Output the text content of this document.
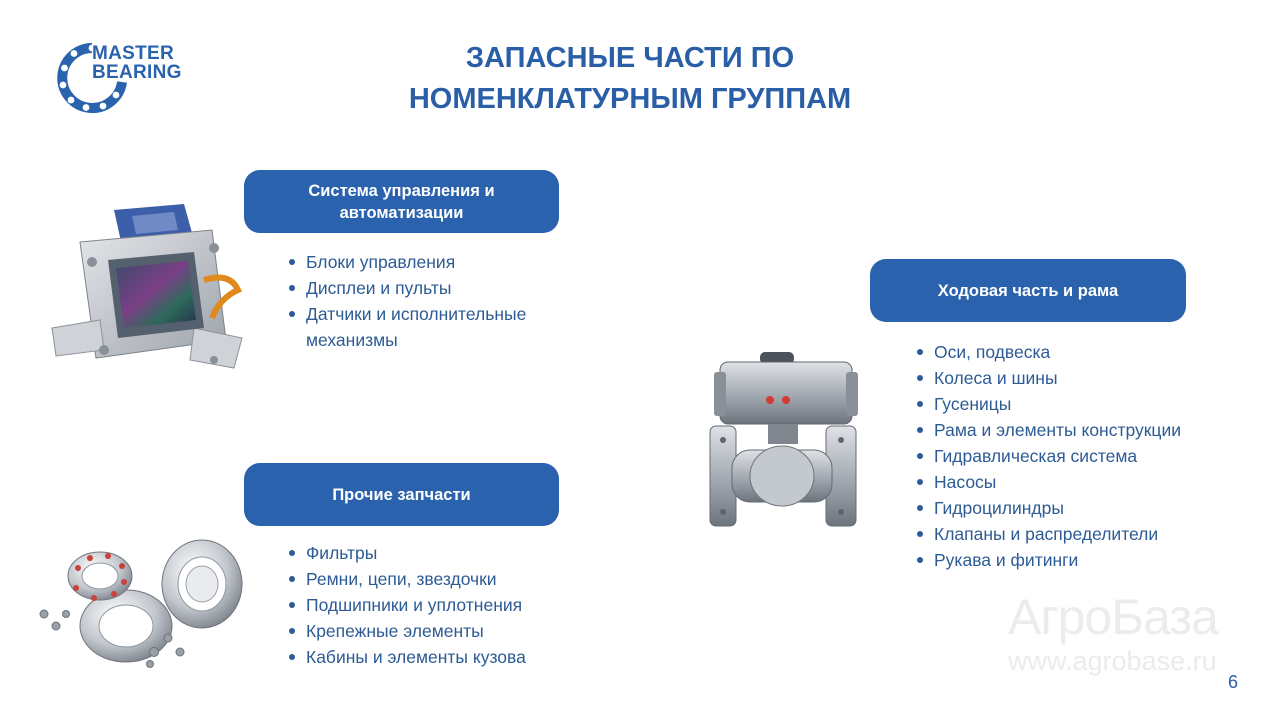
MASTER
BEARING	ЗАПАСНЫЕ ЧАСТИ ПО
НОМЕНКЛАТУРНЫМ ГРУППАМ
Система управления и
автоматизации
Блоки управления
Дисплеи и пульты
Датчики и исполнительные механизмы
Прочие запчасти
Фильтры
Ремни, цепи, звездочки
Подшипники и уплотнения
Крепежные элементы
Кабины и элементы кузова
Ходовая часть и рама
Оси, подвеска
Колеса и шины
Гусеницы
Рама и элементы конструкции
Гидравлическая система
Насосы
Гидроцилиндры
Клапаны и распределители
Рукава и фитинги
АгроБаза
www.agrobase.ru
6
